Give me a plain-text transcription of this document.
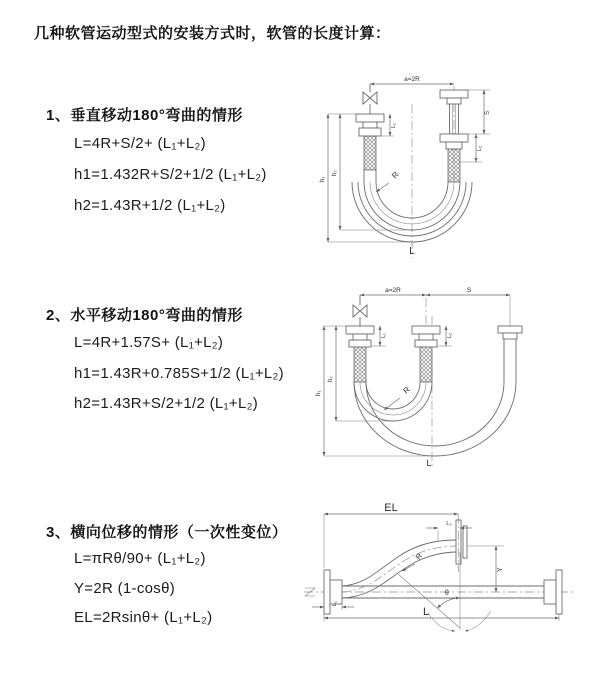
几种软管运动型式的安装方式时，软管的长度计算：
1、垂直移动180°弯曲的情形
L=4R+S/2+ (L₁+L₂)
h1=1.432R+S/2+1/2 (L₁+L₂)
h2=1.43R+1/2 (L₁+L₂)
2、水平移动180°弯曲的情形
L=4R+1.57S+ (L₁+L₂)
h1=1.43R+0.785S+1/2 (L₁+L₂)
h2=1.43R+S/2+1/2 (L₁+L₂)
3、横向位移的情形（一次性变位）
L=πRθ/90+ (L₁+L₂)
Y=2R (1-cosθ)
EL=2Rsinθ+ (L₁+L₂)
a=2R
R
h₁
h₂
L₁
S
L₂
L
a=2R	S
R
h₁
h₂
L₁	L₂
L
EL
L₂
Y
R
θ
L₁
L
